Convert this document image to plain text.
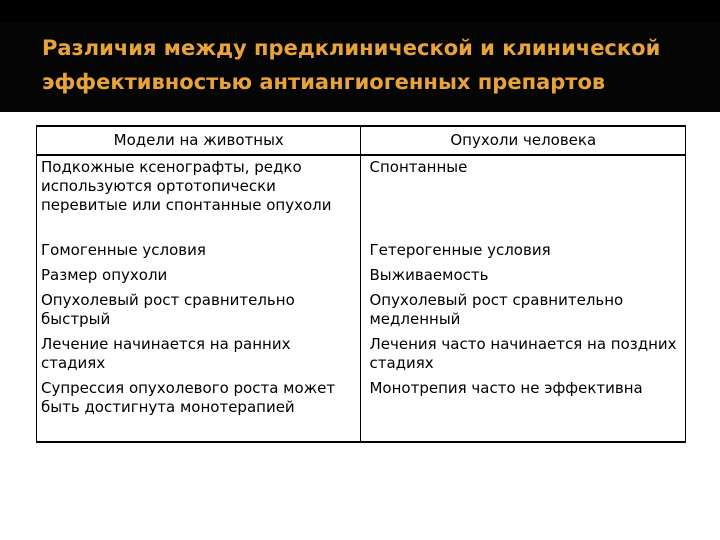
Различия между предклинической и клинической
эффективностью антиангиогенных препартов
Модели на животных	Опухоли человека
Подкожные ксенографты, редко используются ортотопически перевитые или спонтанные опухоли	Спонтанные
Гомогенные условия	Гетерогенные условия
Размер опухоли	Выживаемость
Опухолевый рост сравнительно быстрый	Опухолевый рост сравнительно медленный
Лечение начинается на ранних стадиях	Лечения часто начинается на поздних стадиях
Супрессия опухолевого роста может быть достигнута монотерапией	Монотрепия часто не эффективна
